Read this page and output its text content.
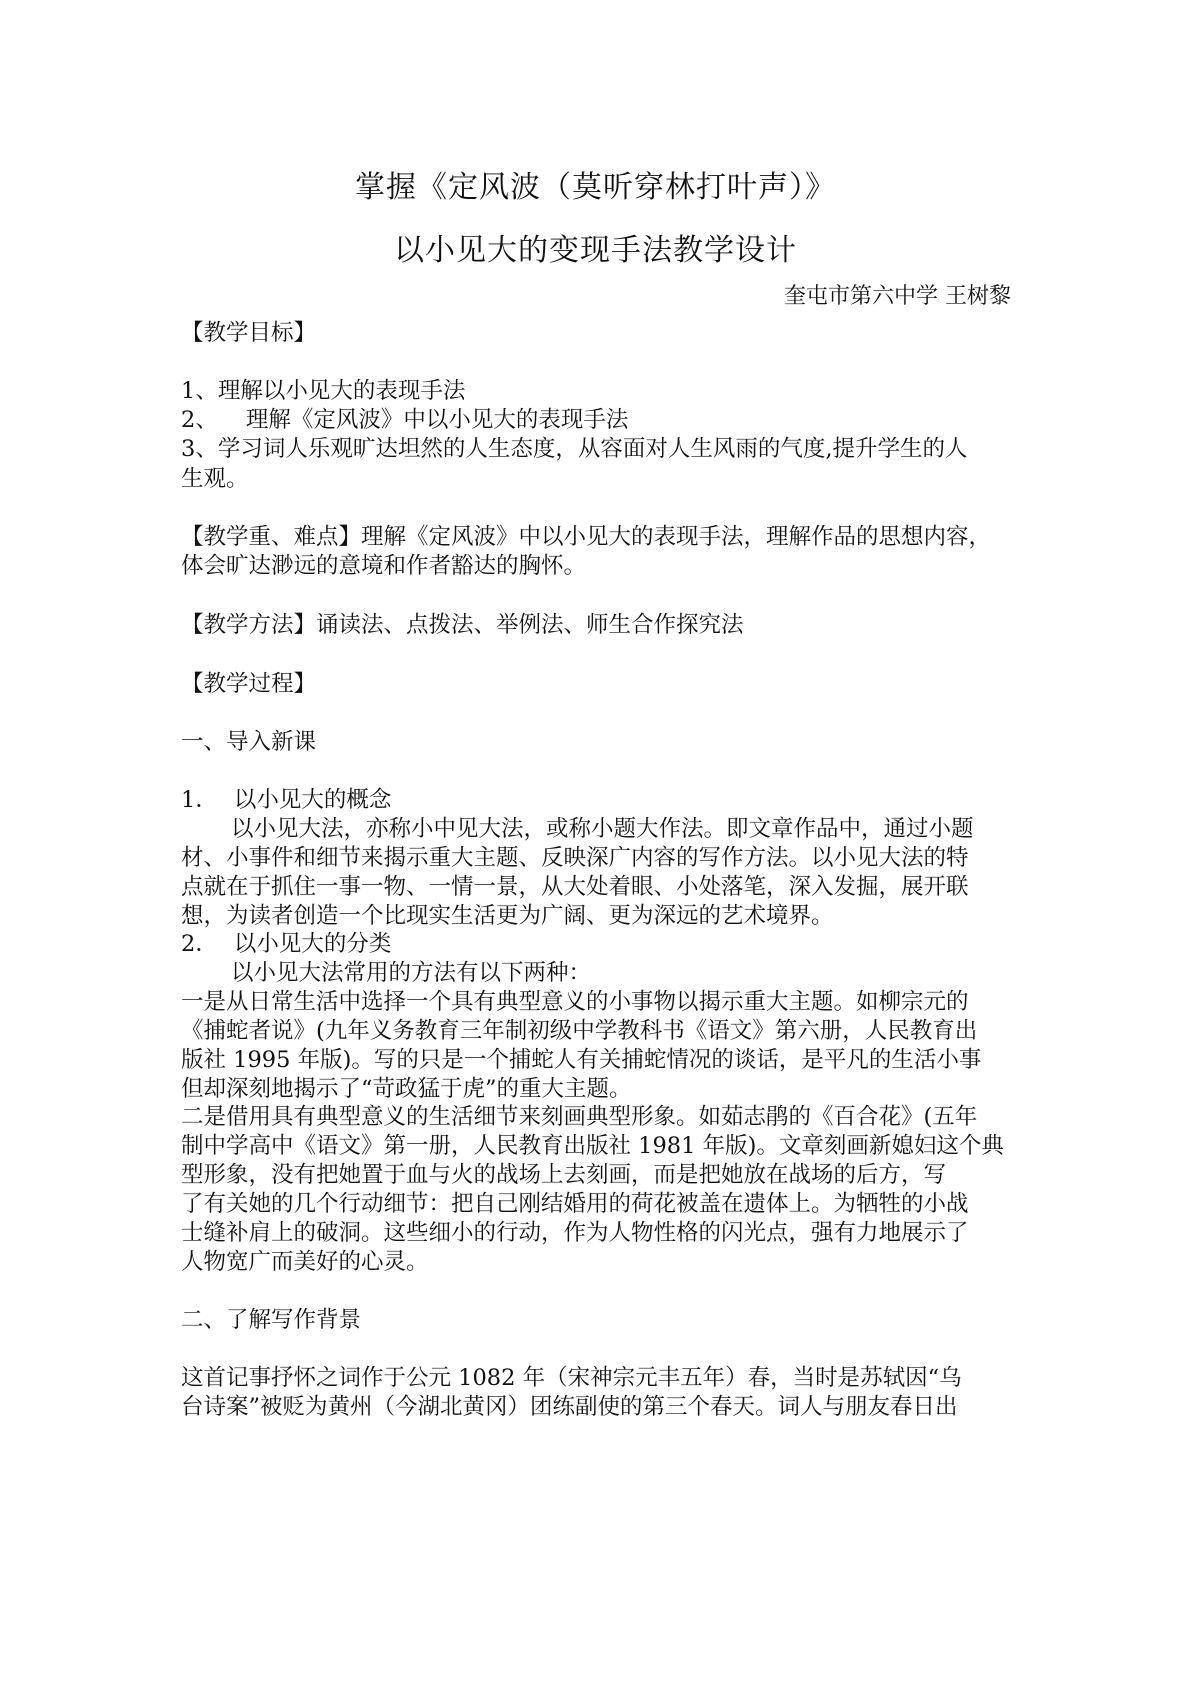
掌握《定风波（莫听穿林打叶声）》
以小见大的变现手法教学设计
奎屯市第六中学 王树黎
【教学目标】
1、理解以小见大的表现手法
2、 理解《定风波》中以小见大的表现手法
3、学习词人乐观旷达坦然的人生态度，从容面对人生风雨的气度,提升学生的人
生观。
【教学重、难点】理解《定风波》中以小见大的表现手法，理解作品的思想内容，
体会旷达渺远的意境和作者豁达的胸怀。
【教学方法】诵读法、点拨法、举例法、师生合作探究法
【教学过程】
一、导入新课
1． 以小见大的概念
以小见大法，亦称小中见大法，或称小题大作法。即文章作品中，通过小题
材、小事件和细节来揭示重大主题、反映深广内容的写作方法。以小见大法的特
点就在于抓住一事一物、一情一景，从大处着眼、小处落笔，深入发掘，展开联
想，为读者创造一个比现实生活更为广阔、更为深远的艺术境界。
2． 以小见大的分类
以小见大法常用的方法有以下两种：
一是从日常生活中选择一个具有典型意义的小事物以揭示重大主题。如柳宗元的
《捕蛇者说》(九年义务教育三年制初级中学教科书《语文》第六册，人民教育出
版社 1995 年版)。写的只是一个捕蛇人有关捕蛇情况的谈话，是平凡的生活小事
但却深刻地揭示了“苛政猛于虎”的重大主题。
二是借用具有典型意义的生活细节来刻画典型形象。如茹志鹃的《百合花》(五年
制中学高中《语文》第一册，人民教育出版社 1981 年版)。文章刻画新媳妇这个典
型形象，没有把她置于血与火的战场上去刻画，而是把她放在战场的后方，写
了有关她的几个行动细节：把自己刚结婚用的荷花被盖在遗体上。为牺牲的小战
士缝补肩上的破洞。这些细小的行动，作为人物性格的闪光点，强有力地展示了
人物宽广而美好的心灵。
二、了解写作背景
这首记事抒怀之词作于公元 1082 年（宋神宗元丰五年）春，当时是苏轼因“乌
台诗案”被贬为黄州（今湖北黄冈）团练副使的第三个春天。词人与朋友春日出
